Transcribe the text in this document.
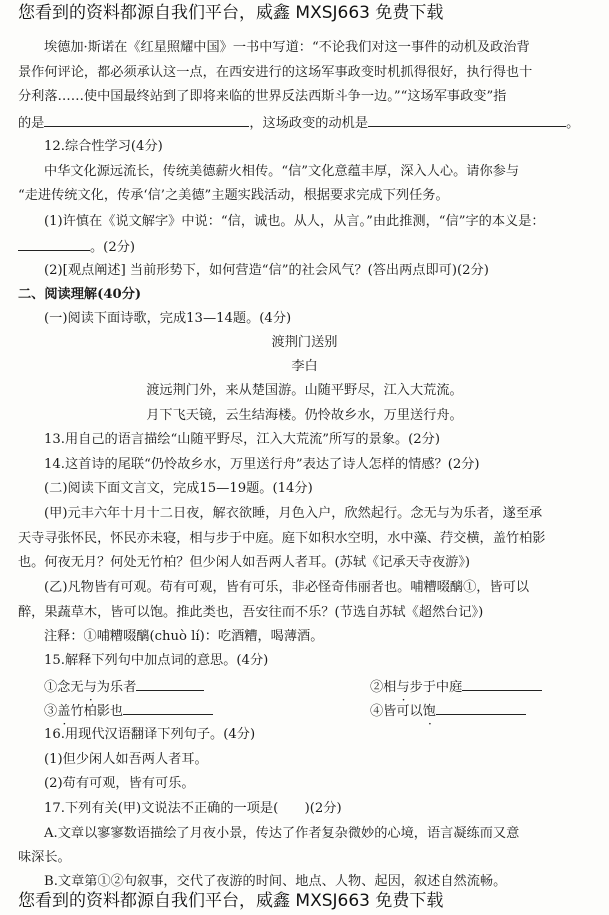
您看到的资料都源自我们平台，威鑫 MXSJ663 免费下载
埃德加·斯诺在《红星照耀中国》一书中写道：“不论我们对这一事件的动机及政治背
景作何评论，都必须承认这一点，在西安进行的这场军事政变时机抓得很好，执行得也十
分利落……使中国最终站到了即将来临的世界反法西斯斗争一边。”“这场军事政变”指
的是	，这场政变的动机是	。
12.综合性学习(4分)
中华文化源远流长，传统美德薪火相传。“信”文化意蕴丰厚，深入人心。请你参与
“走进传统文化，传承‘信’之美德”主题实践活动，根据要求完成下列任务。
(1)许慎在《说文解字》中说：“信，诚也。从人，从言。”由此推测，“信”字的本义是：
。(2分)
(2)[观点阐述] 当前形势下，如何营造“信”的社会风气？(答出两点即可)(2分)
二、阅读理解(40分)
(一)阅读下面诗歌，完成13—14题。(4分)
渡荆门送别
李白
渡远荆门外，来从楚国游。山随平野尽，江入大荒流。
月下飞天镜，云生结海楼。仍怜故乡水，万里送行舟。
13.用自己的语言描绘“山随平野尽，江入大荒流”所写的景象。(2分)
14.这首诗的尾联“仍怜故乡水，万里送行舟”表达了诗人怎样的情感？(2分)
(二)阅读下面文言文，完成15—19题。(14分)
(甲)元丰六年十月十二日夜，解衣欲睡，月色入户，欣然起行。念无与为乐者，遂至承
天寺寻张怀民，怀民亦未寝，相与步于中庭。庭下如积水空明，水中藻、荇交横，盖竹柏影
也。何夜无月？何处无竹柏？但少闲人如吾两人者耳。(苏轼《记承天寺夜游》)
(乙)凡物皆有可观。苟有可观，皆有可乐，非必怪奇伟丽者也。哺糟啜醨①，皆可以
醉，果蔬草木，皆可以饱。推此类也，吾安往而不乐？(节选自苏轼《超然台记》)
注释：①哺糟啜醨(chuò lí)：吃酒糟，喝薄酒。
15.解释下列句中加点词的意思。(4分)
①念无与为乐者	②相与步于中庭
③盖竹柏影也	④皆可以饱
16.用现代汉语翻译下列句子。(4分)
(1)但少闲人如吾两人者耳。
(2)苟有可观，皆有可乐。
17.下列有关(甲)文说法不正确的一项是(　　)(2分)
A.文章以寥寥数语描绘了月夜小景，传达了作者复杂微妙的心境，语言凝练而又意
味深长。
B.文章第①②句叙事，交代了夜游的时间、地点、人物、起因，叙述自然流畅。
您看到的资料都源自我们平台，威鑫 MXSJ663 免费下载
